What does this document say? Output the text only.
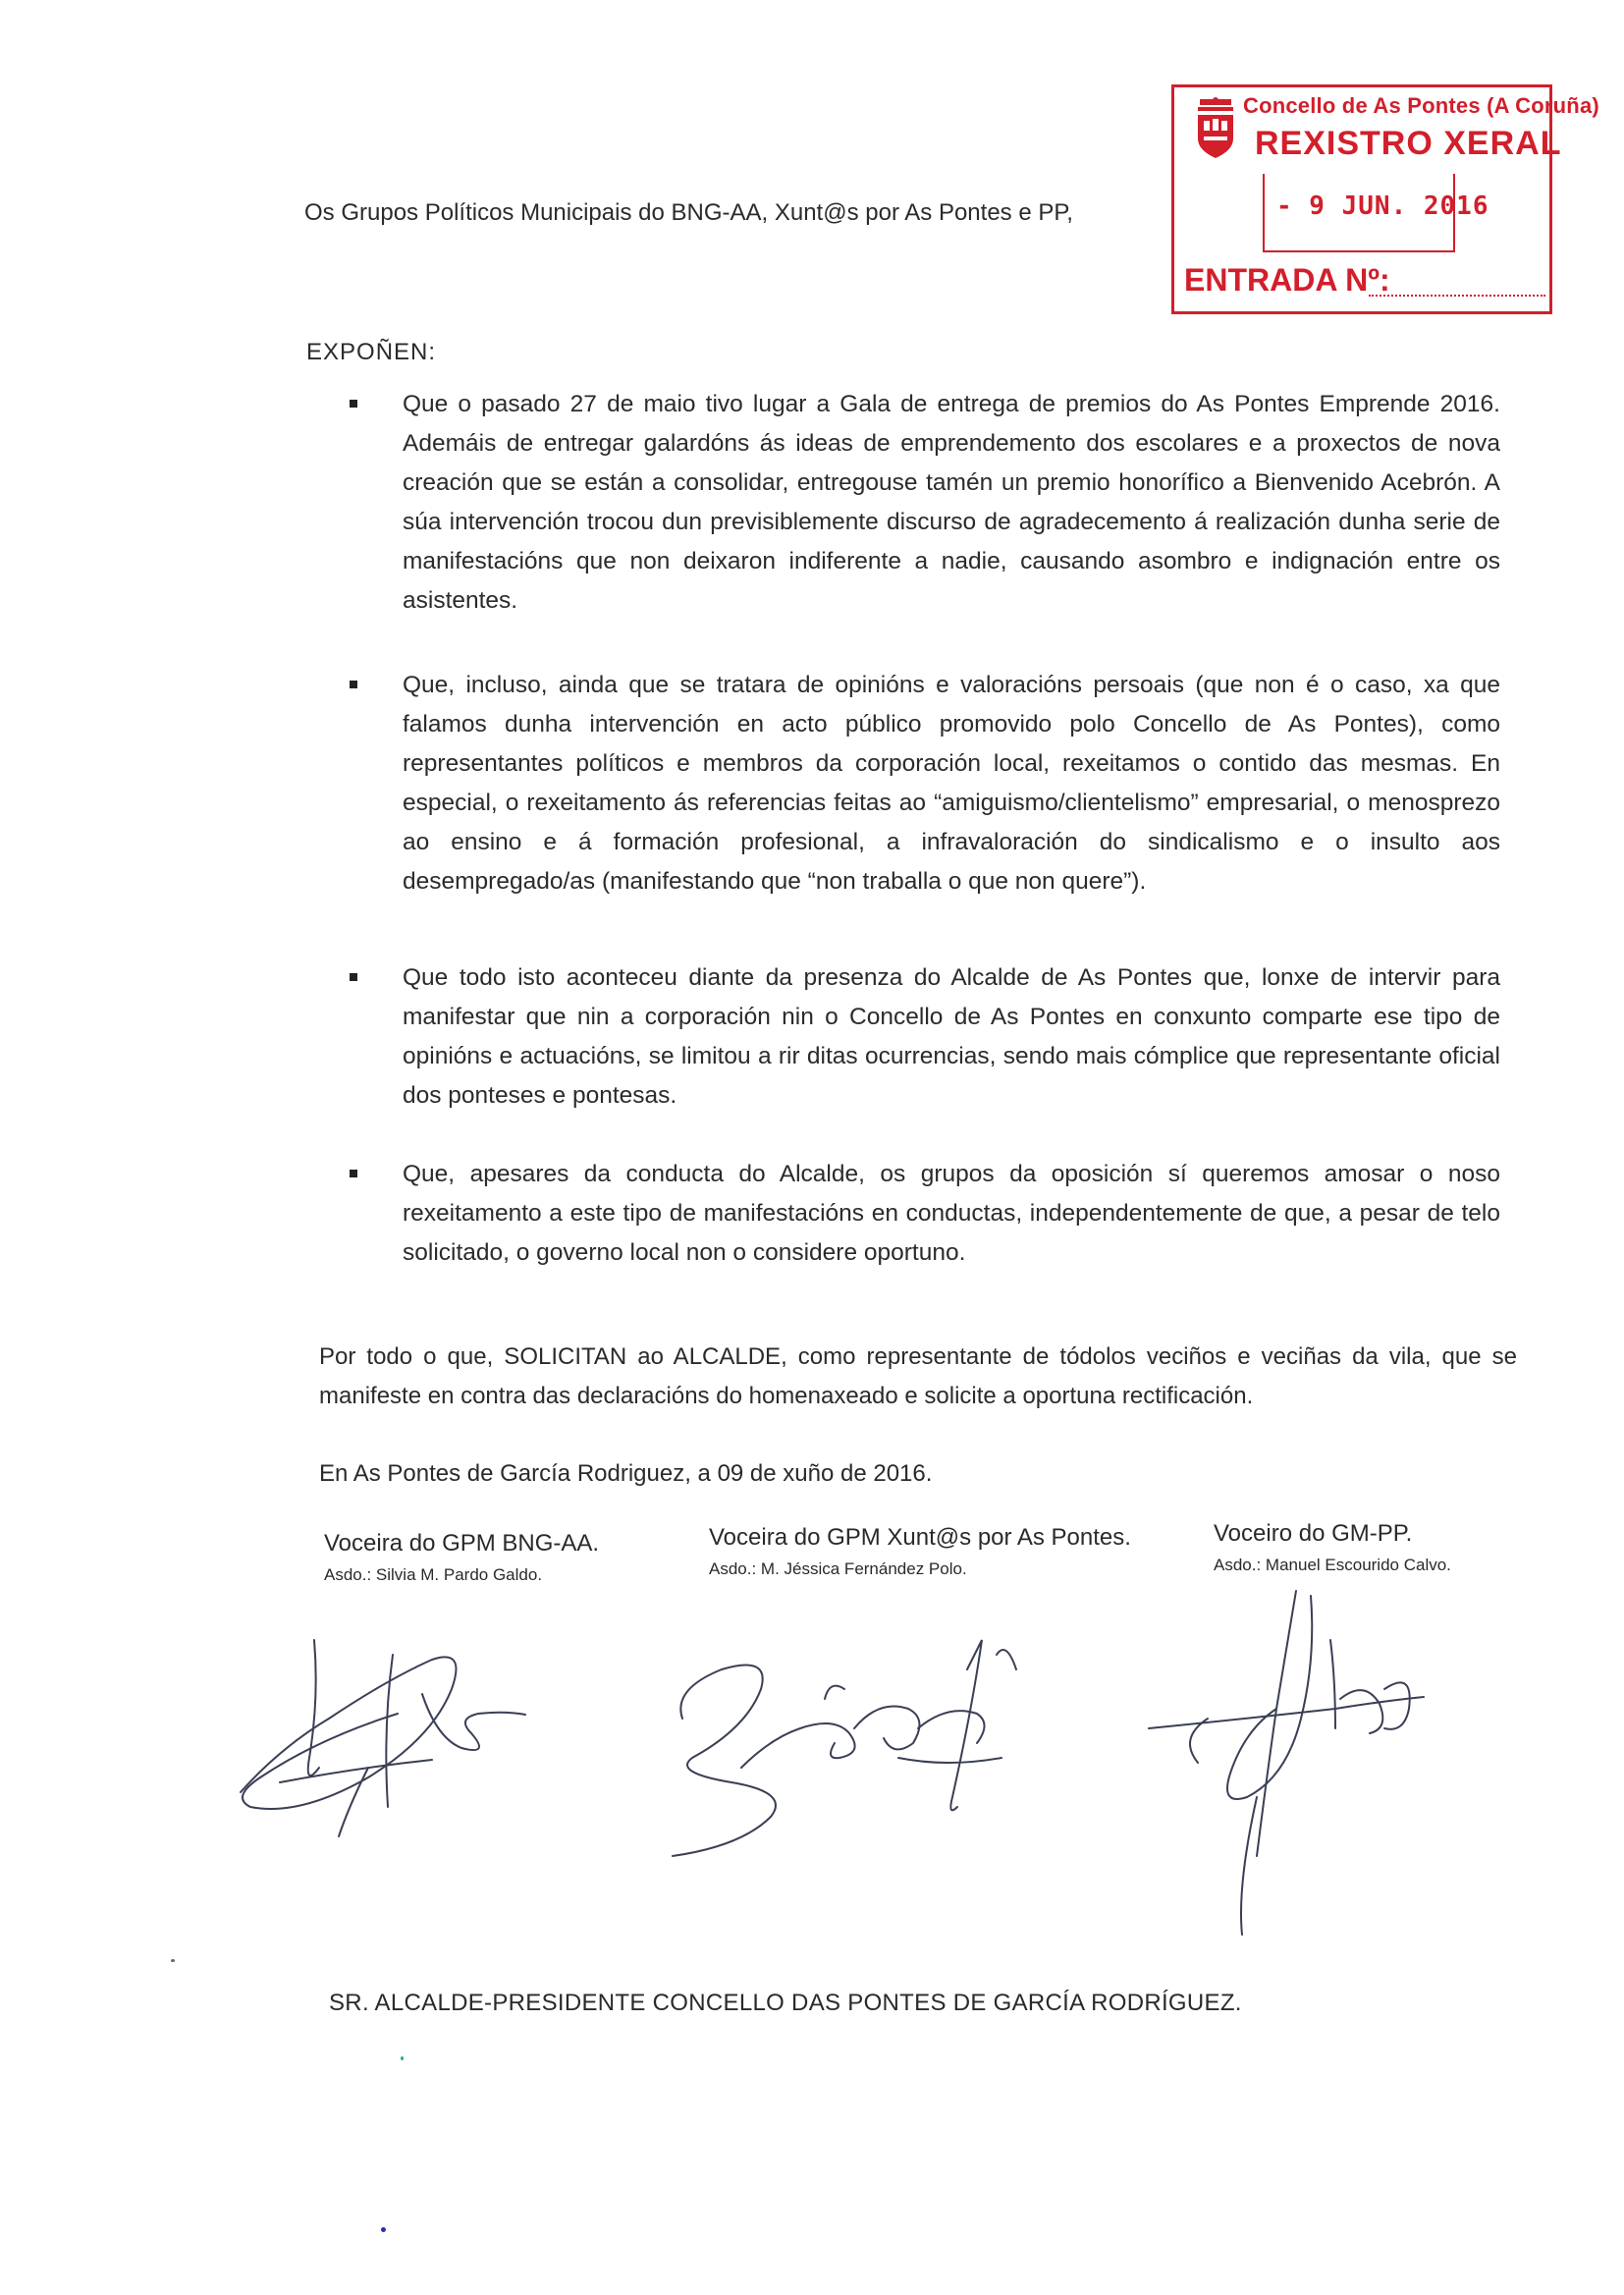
Concello de As Pontes (A Coruña)
REXISTRO XERAL
- 9 JUN. 2016
ENTRADA Nº:
Os Grupos Políticos Municipais do BNG-AA, Xunt@s por As Pontes e PP,
EXPOÑEN:
Que o pasado 27 de maio tivo lugar a Gala de entrega de premios do As Pontes Emprende 2016. Ademáis de entregar galardóns ás ideas de emprendemento dos escolares e a proxectos de nova creación que se están a consolidar, entregouse tamén un premio honorífico a Bienvenido Acebrón. A súa intervención trocou dun previsiblemente discurso de agradecemento á realización dunha serie de manifestacións que non deixaron indiferente a nadie, causando asombro e indignación entre os asistentes.
Que, incluso, ainda que se tratara de opinións e valoracións persoais (que non é o caso, xa que falamos dunha intervención en acto público promovido polo Concello de As Pontes), como representantes políticos e membros da corporación local, rexeitamos o contido das mesmas. En especial, o rexeitamento ás referencias feitas ao “amiguismo/clientelismo” empresarial, o menosprezo ao ensino e á formación profesional, a infravaloración do sindicalismo e o insulto aos desempregado/as (manifestando que “non traballa o que non quere”).
Que todo isto aconteceu diante da presenza do Alcalde de As Pontes que, lonxe de intervir para manifestar que nin a corporación nin o Concello de As Pontes en conxunto comparte ese tipo de opinións e actuacións, se limitou a rir ditas ocurrencias, sendo mais cómplice que representante oficial dos ponteses e pontesas.
Que, apesares da conducta do Alcalde, os grupos da oposición sí queremos amosar o noso rexeitamento a este tipo de manifestacións en conductas, independentemente de que, a pesar de telo solicitado, o governo local non o considere oportuno.
Por todo o que, SOLICITAN ao ALCALDE, como representante de tódolos veciños e veciñas da vila, que se manifeste en contra das declaracións do homenaxeado e solicite a oportuna rectificación.
En As Pontes de García Rodriguez, a 09 de xuño de 2016.
Voceira do GPM BNG-AA.
Asdo.: Silvia M. Pardo Galdo.
Voceira do GPM Xunt@s por As Pontes.
Asdo.: M. Jéssica Fernández Polo.
Voceiro do GM-PP.
Asdo.: Manuel Escourido Calvo.
SR. ALCALDE-PRESIDENTE CONCELLO DAS PONTES DE GARCÍA RODRÍGUEZ.
